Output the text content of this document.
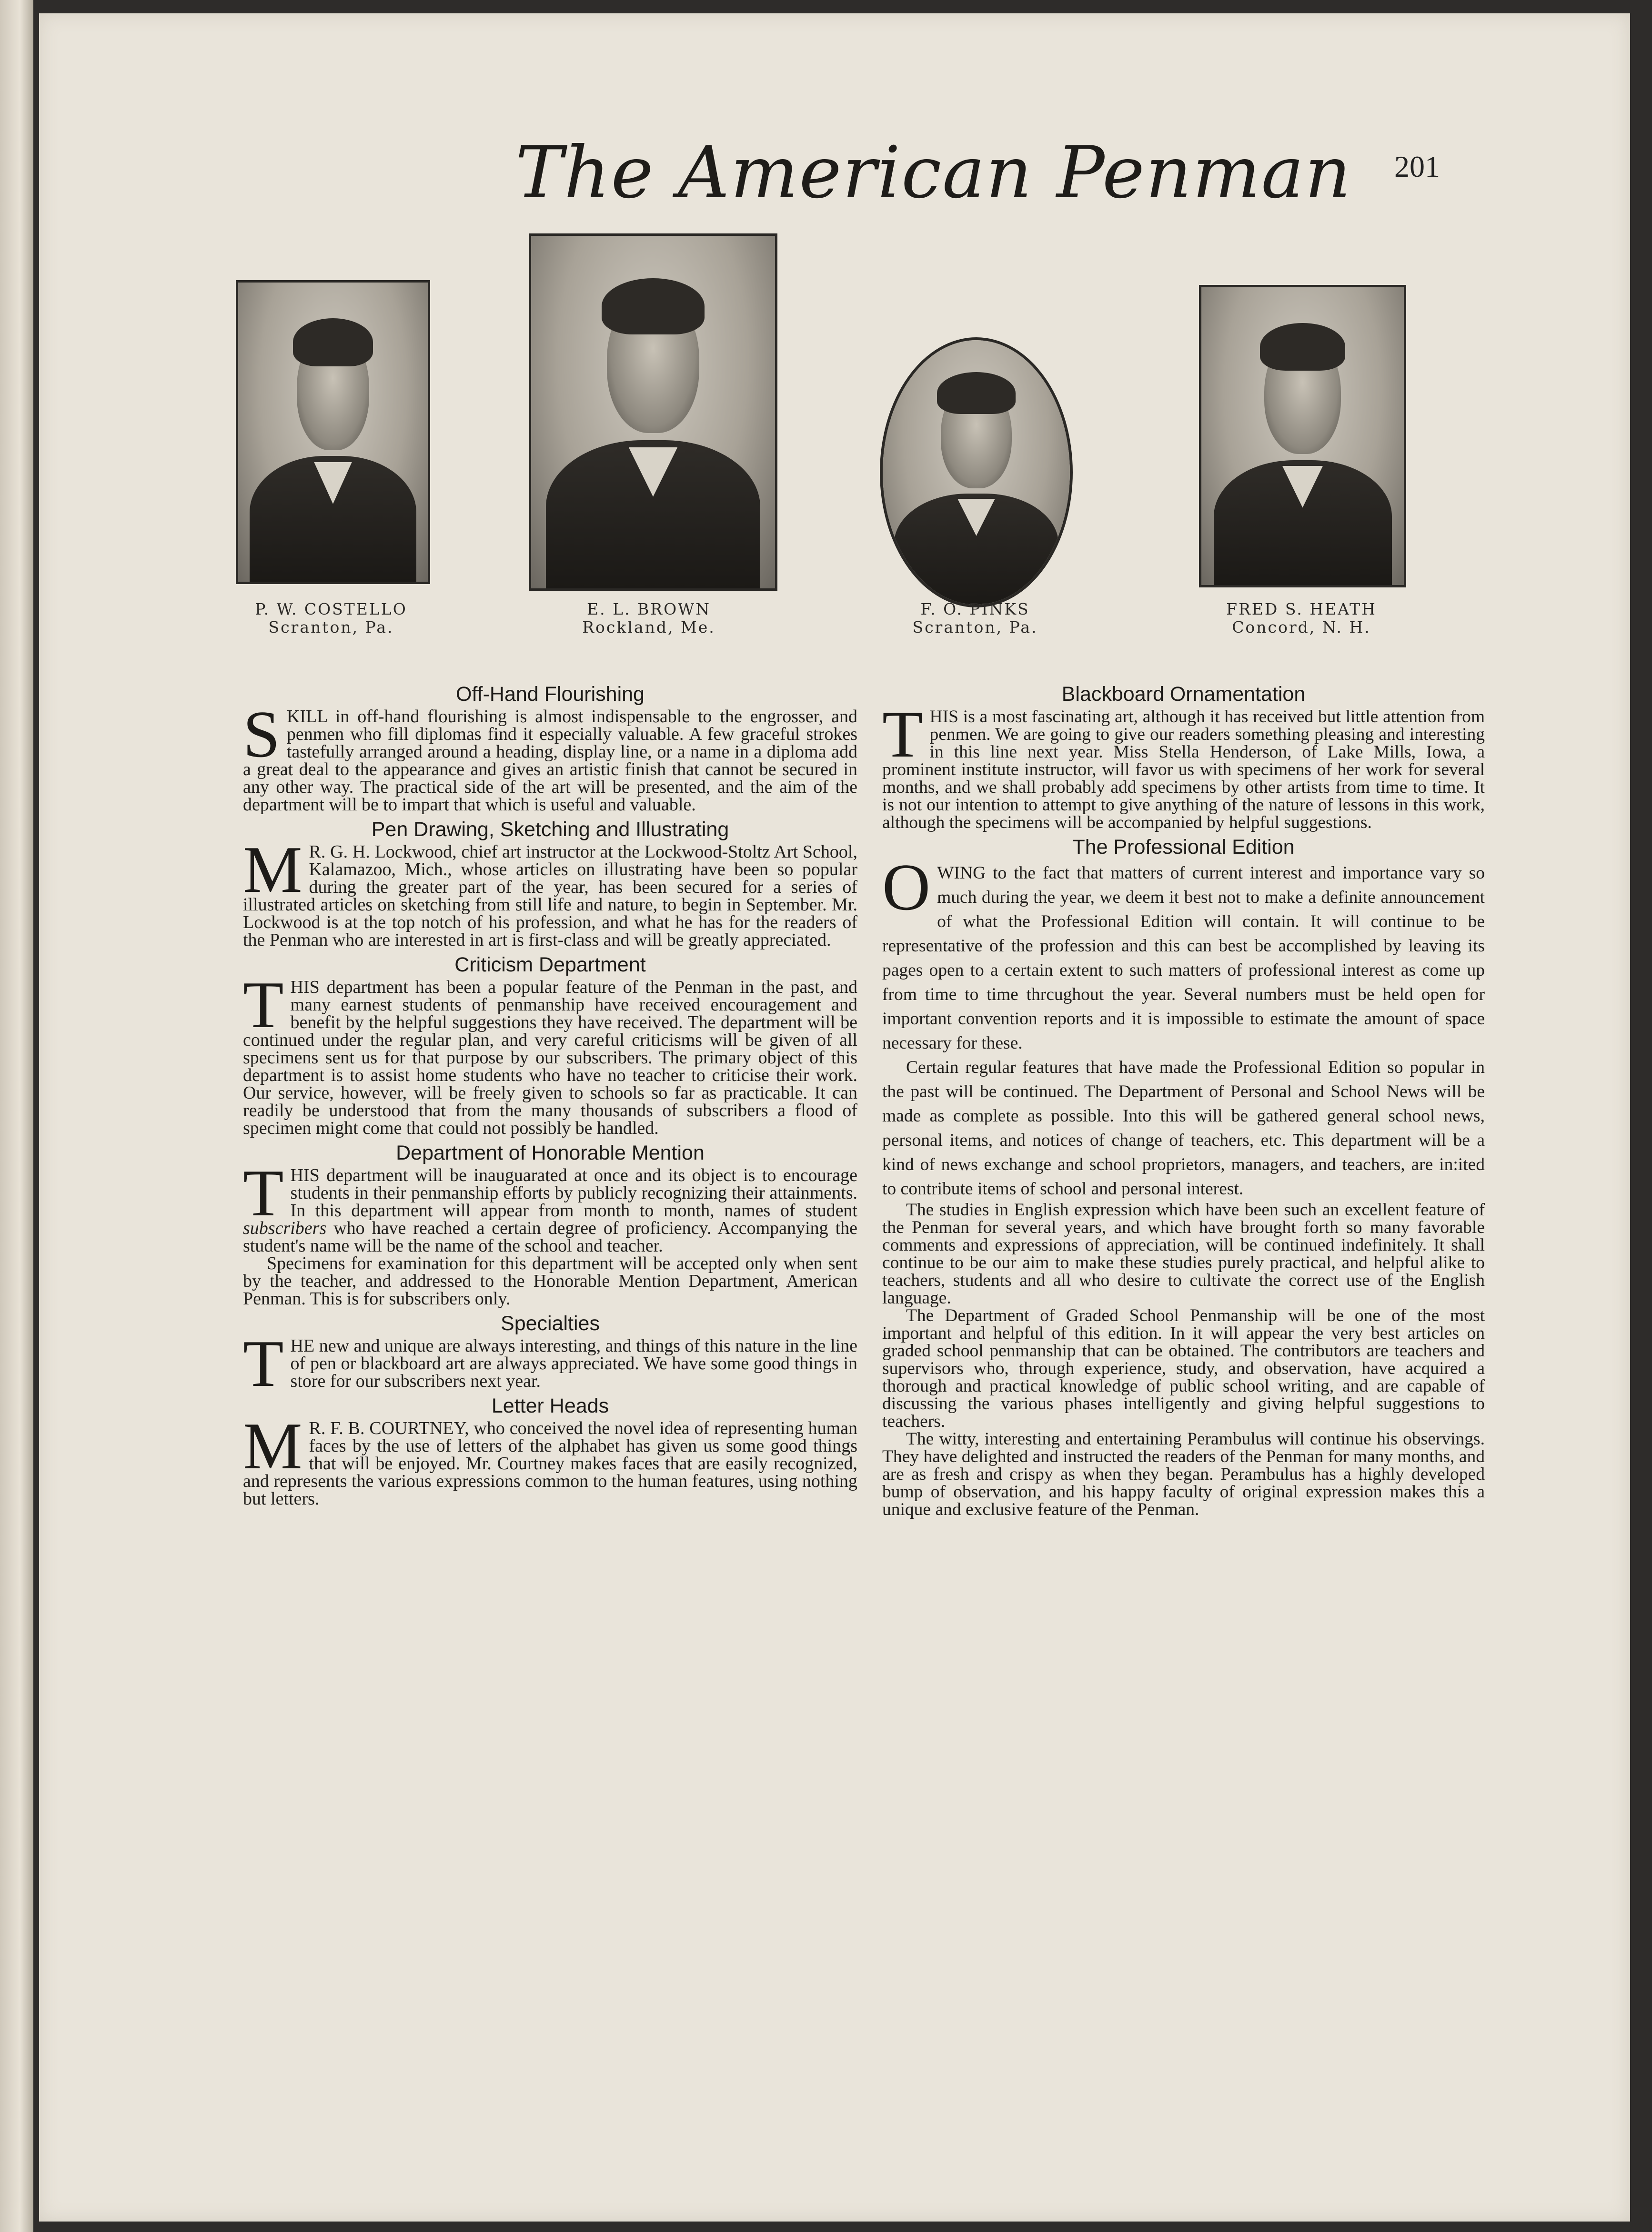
The American Penman 201
P. W. COSTELLO
Scranton, Pa.
E. L. BROWN
Rockland, Me.
F. O. PINKS
Scranton, Pa.
FRED S. HEATH
Concord, N. H.
Off-Hand Flourishing

SKILL in off-hand flourishing is almost indispensable to the engrosser, and penmen who fill diplomas find it especially valuable. A few graceful strokes tastefully arranged around a heading, display line, or a name in a diploma add a great deal to the appearance and gives an artistic finish that cannot be secured in any other way. The practical side of the art will be presented, and the aim of the department will be to impart that which is useful and valuable.

Pen Drawing, Sketching and Illustrating

M R. G. H. Lockwood, chief art instructor at the Lockwood-Stoltz Art School, Kalamazoo, Mich., whose articles on illustrating have been so popular during the greater part of the year, has been secured for a series of illustrated articles on sketching from still life and nature, to begin in September. Mr. Lockwood is at the top notch of his profession, and what he has for the readers of the Penman who are interested in art is first-class and will be greatly appreciated.

Criticism Department

THIS department has been a popular feature of the Penman in the past, and many earnest students of penmanship have received encouragement and benefit by the helpful suggestions they have received. The department will be continued under the regular plan, and very careful criticisms will be given of all specimens sent us for that purpose by our subscribers. The primary object of this department is to assist home students who have no teacher to criticise their work. Our service, however, will be freely given to schools so far as practicable. It can readily be understood that from the many thousands of subscribers a flood of specimen might come that could not possibly be handled.

Department of Honorable Mention

THIS department will be inauguarated at once and its object is to encourage students in their penmanship efforts by publicly recognizing their attainments. In this department will appear from month to month, names of student subscribers who have reached a certain degree of proficiency. Accompanying the student's name will be the name of the school and teacher.

Specimens for examination for this department will be accepted only when sent by the teacher, and addressed to the Honorable Mention Department, American Penman. This is for subscribers only.

Specialties

THE new and unique are always interesting, and things of this nature in the line of pen or blackboard art are always appreciated. We have some good things in store for our subscribers next year.

Letter Heads

M R. F. B. COURTNEY, who conceived the novel idea of representing human faces by the use of letters of the alphabet has given us some good things that will be enjoyed. Mr. Courtney makes faces that are easily recognized, and represents the various expressions common to the human features, using nothing but letters.

Blackboard Ornamentation

THIS is a most fascinating art, although it has received but little attention from penmen. We are going to give our readers something pleasing and interesting in this line next year. Miss Stella Henderson, of Lake Mills, Iowa, a prominent institute instructor, will favor us with specimens of her work for several months, and we shall probably add specimens by other artists from time to time. It is not our intention to attempt to give anything of the nature of lessons in this work, although the specimens will be accompanied by helpful suggestions.

The Professional Edition

OWING to the fact that matters of current interest and importance vary so much during the year, we deem it best not to make a definite announcement of what the Professional Edition will contain. It will continue to be representative of the profession and this can best be accomplished by leaving its pages open to a certain extent to such matters of professional interest as come up from time to time thrcughout the year. Several numbers must be held open for important convention reports and it is impossible to estimate the amount of space necessary for these.

Certain regular features that have made the Professional Edition so popular in the past will be continued. The Department of Personal and School News will be made as complete as possible. Into this will be gathered general school news, personal items, and notices of change of teachers, etc. This department will be a kind of news exchange and school proprietors, managers, and teachers, are in:ited to contribute items of school and personal interest.

The studies in English expression which have been such an excellent feature of the Penman for several years, and which have brought forth so many favorable comments and expressions of appreciation, will be continued indefinitely. It shall continue to be our aim to make these studies purely practical, and helpful alike to teachers, students and all who desire to cultivate the correct use of the English language.

The Department of Graded School Penmanship will be one of the most important and helpful of this edition. In it will appear the very best articles on graded school penmanship that can be obtained. The contributors are teachers and supervisors who, through experience, study, and observation, have acquired a thorough and practical knowledge of public school writing, and are capable of discussing the various phases intelligently and giving helpful suggestions to teachers.

The witty, interesting and entertaining Perambulus will continue his observings. They have delighted and instructed the readers of the Penman for many months, and are as fresh and crispy as when they began. Perambulus has a highly developed bump of observation, and his happy faculty of original expression makes this a unique and exclusive feature of the Penman.
